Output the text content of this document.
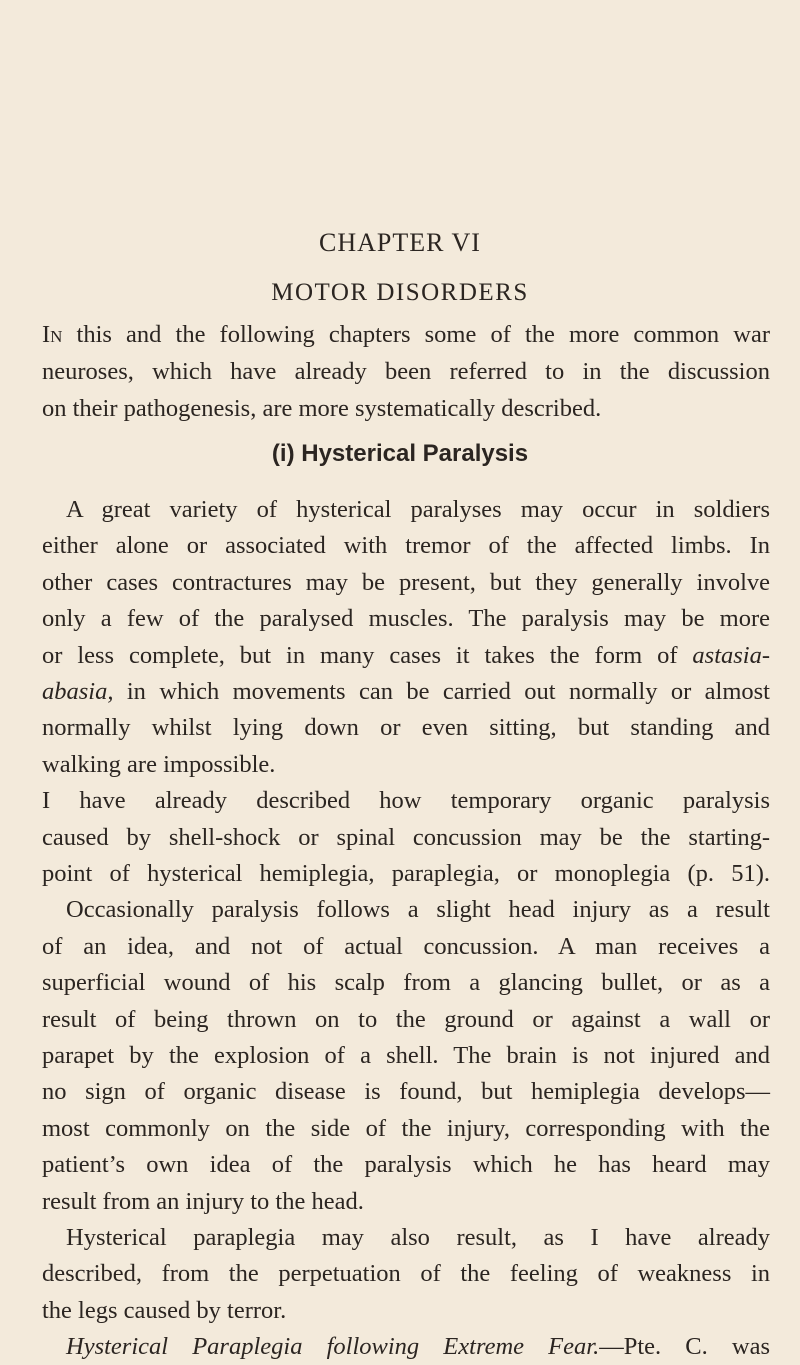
CHAPTER VI
MOTOR DISORDERS
In this and the following chapters some of the more common war
neuroses, which have already been referred to in the discussion
on their pathogenesis, are more systematically described.
(i) Hysterical Paralysis
A great variety of hysterical paralyses may occur in soldiers
either alone or associated with tremor of the affected limbs. In
other cases contractures may be present, but they generally involve
only a few of the paralysed muscles. The paralysis may be more
or less complete, but in many cases it takes the form of astasia-
abasia, in which movements can be carried out normally or almost
normally whilst lying down or even sitting, but standing and
walking are impossible.
I have already described how temporary organic paralysis
caused by shell-shock or spinal concussion may be the starting-
point of hysterical hemiplegia, paraplegia, or monoplegia (p. 51).
Occasionally paralysis follows a slight head injury as a result
of an idea, and not of actual concussion. A man receives a
superficial wound of his scalp from a glancing bullet, or as a
result of being thrown on to the ground or against a wall or
parapet by the explosion of a shell. The brain is not injured and
no sign of organic disease is found, but hemiplegia develops—
most commonly on the side of the injury, corresponding with the
patient’s own idea of the paralysis which he has heard may
result from an injury to the head.
Hysterical paraplegia may also result, as I have already
described, from the perpetuation of the feeling of weakness in
the legs caused by terror.
Hysterical Paraplegia following Extreme Fear.—Pte. C. was
